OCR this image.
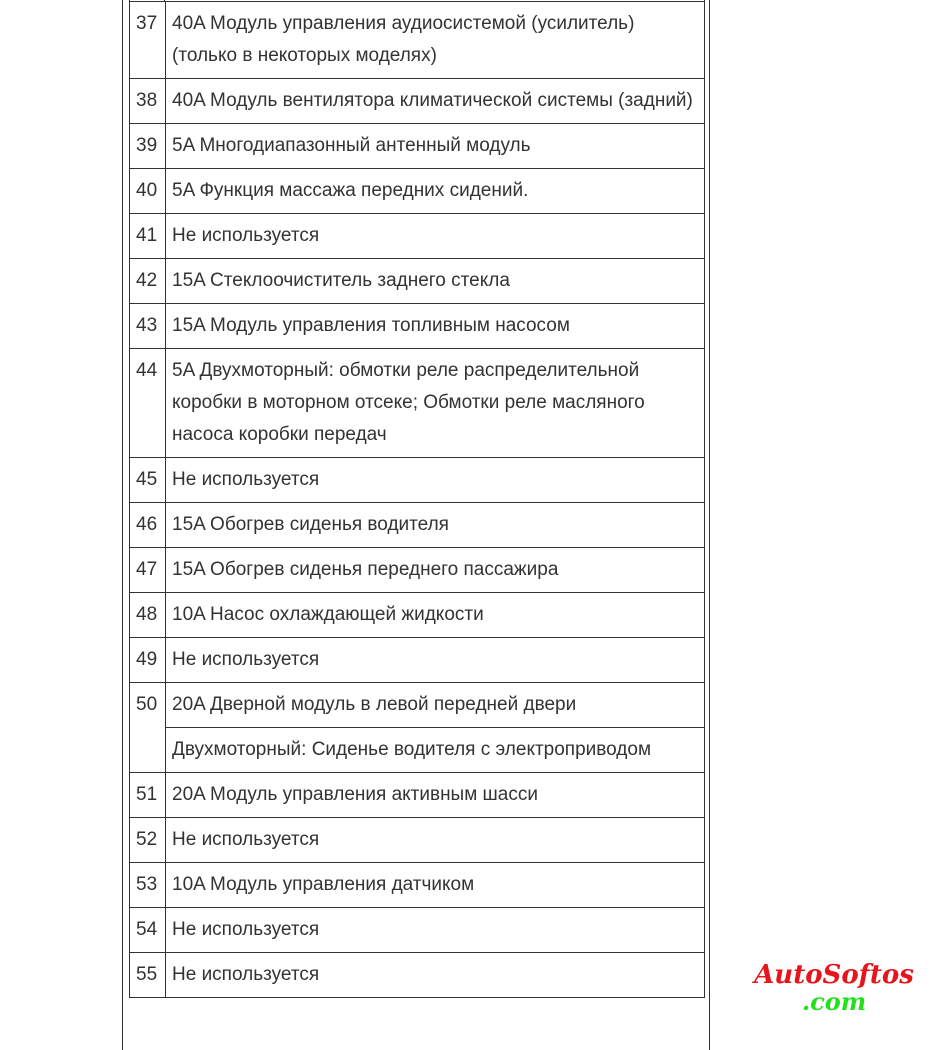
37	40A Модуль управления аудиосистемой (усилитель) (только в некоторых моделях)
38	40A Модуль вентилятора климатической системы (задний)
39	5A Многодиапазонный антенный модуль
40	5A Функция массажа передних сидений.
41	Не используется
42	15A Стеклоочиститель заднего стекла
43	15A Модуль управления топливным насосом
44	5A Двухмоторный: обмотки реле распределительной коробки в моторном отсеке; Обмотки реле масляного насоса коробки передач
45	Не используется
46	15A Обогрев сиденья водителя
47	15A Обогрев сиденья переднего пассажира
48	10A Насос охлаждающей жидкости
49	Не используется
50	20A Дверной модуль в левой передней двери
	Двухмоторный: Сиденье водителя с электроприводом
51	20A Модуль управления активным шасси
52	Не используется
53	10A Модуль управления датчиком
54	Не используется
55	Не используется	AutoSoftos
.com
